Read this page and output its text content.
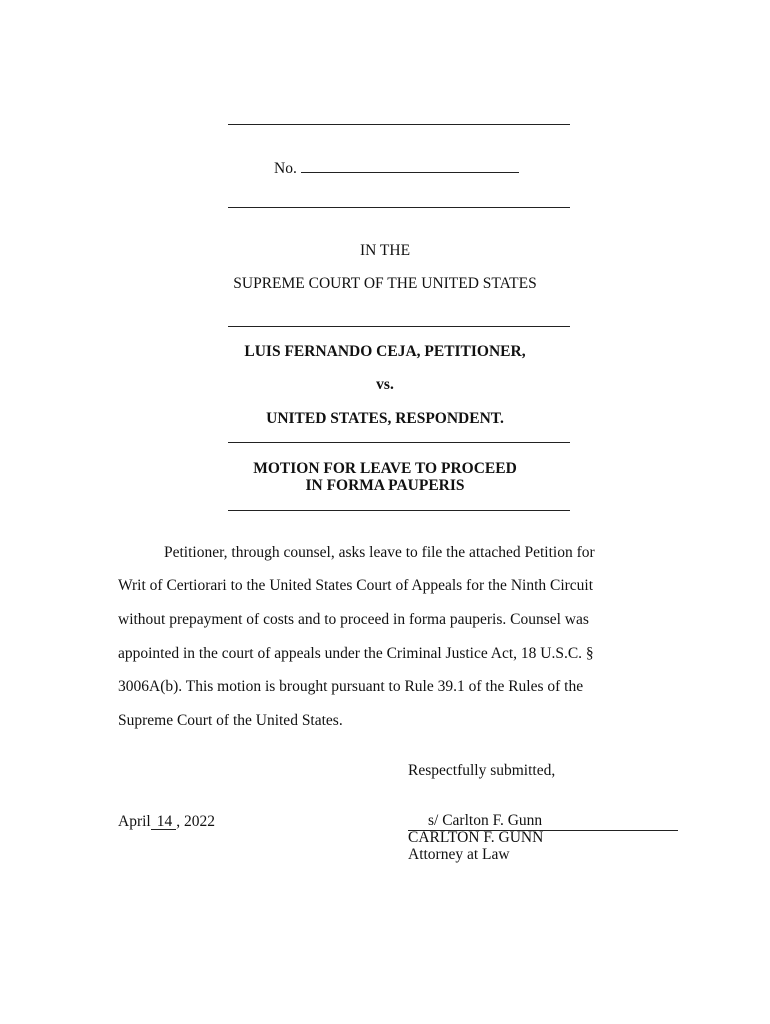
No.
IN THE
SUPREME COURT OF THE UNITED STATES
LUIS FERNANDO CEJA, PETITIONER,
vs.
UNITED STATES, RESPONDENT.
MOTION FOR LEAVE TO PROCEED
IN FORMA PAUPERIS
Petitioner, through counsel, asks leave to file the attached Petition for
Writ of Certiorari to the United States Court of Appeals for the Ninth Circuit
without prepayment of costs and to proceed in forma pauperis. Counsel was
appointed in the court of appeals under the Criminal Justice Act, 18 U.S.C. §
3006A(b). This motion is brought pursuant to Rule 39.1 of the Rules of the
Supreme Court of the United States.
Respectfully submitted,
April 14 , 2022	s/ Carlton F. Gunn
CARLTON F. GUNN
Attorney at Law
